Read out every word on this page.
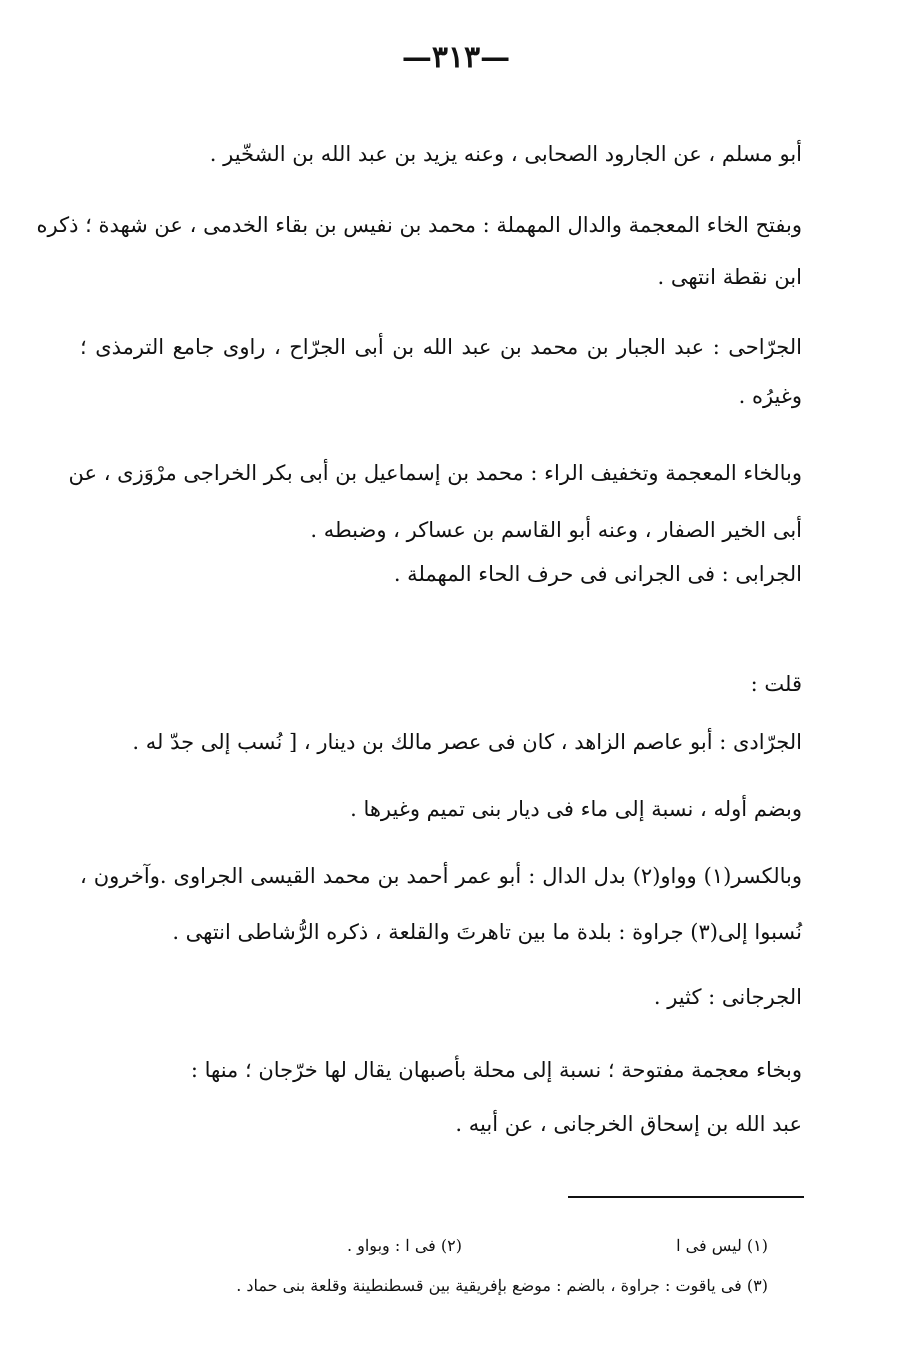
—٣١٣—
أبو مسلم ، عن الجارود الصحابى ، وعنه يزيد بن عبد الله بن الشخّير .
وبفتح الخاء المعجمة والدال المهملة : محمد بن نفيس بن بقاء الخدمى ، عن شهدة ؛ ذكره
ابن نقطة انتهى .
الجرّاحى : عبد الجبار بن محمد بن عبد الله بن أبى الجرّاح ، راوى جامع الترمذى ؛
وغيرُه .
وبالخاء المعجمة وتخفيف الراء : محمد بن إسماعيل بن أبى بكر الخراجى مرْوَزى ، عن
أبى الخير الصفار ، وعنه أبو القاسم بن عساكر ، وضبطه .
الجرابى : فى الجرانى فى حرف الحاء المهملة .
قلت :
الجرّادى : أبو عاصم الزاهد ، كان فى عصر مالك بن دينار ، [ نُسب إلى جدّ له .
وبضم أوله ، نسبة إلى ماء فى ديار بنى تميم وغيرها .
وبالكسر(١) وواو(٢) بدل الدال : أبو عمر أحمد بن محمد القيسى الجراوى .وآخرون ،
نُسبوا إلى(٣) جراوة : بلدة ما بين تاهرتَ والقلعة ، ذكره الرُّشاطى انتهى .
الجرجانى : كثير .
وبخاء معجمة مفتوحة ؛ نسبة إلى محلة بأصبهان يقال لها خرّجان ؛ منها :
عبد الله بن إسحاق الخرجانى ، عن أبيه .
(١) ليس فى ا
(٢) فى ا : وبواو .
(٣) فى ياقوت : جراوة ، بالضم : موضع بإفريقية بين قسطنطينة وقلعة بنى حماد .
